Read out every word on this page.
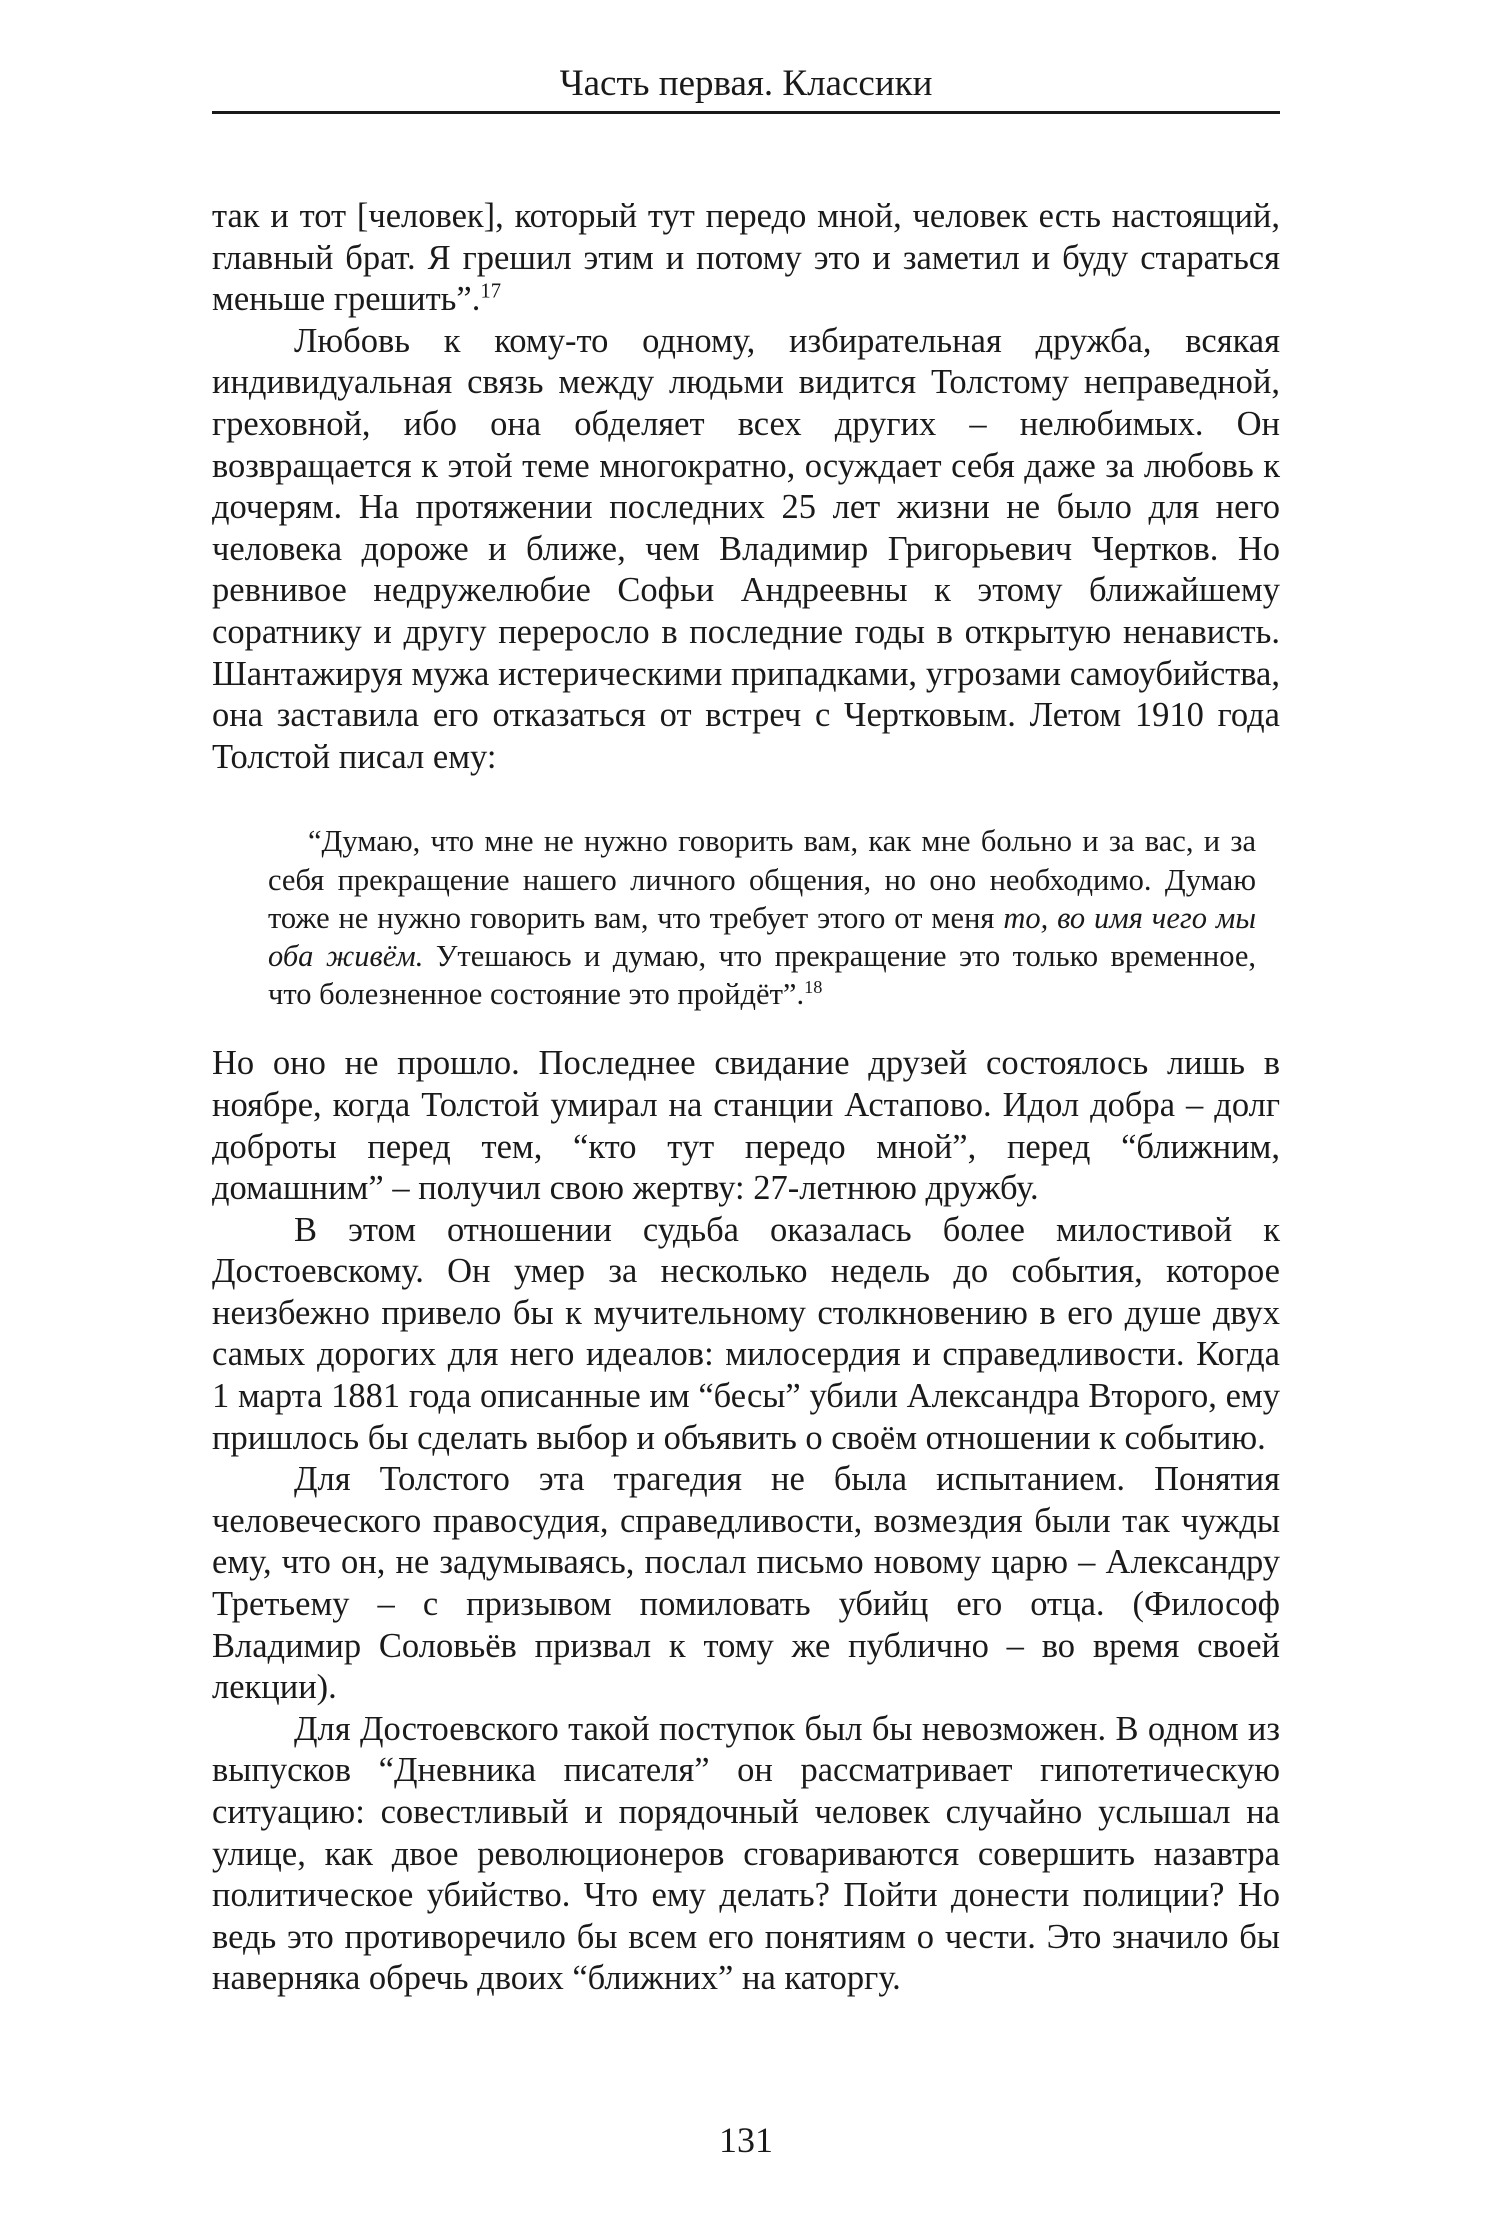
Часть первая. Классики

так и тот [человек], который тут передо мной, человек есть настоящий, главный брат. Я грешил этим и потому это и заметил и буду стараться меньше грешить”.$^{17}$

Любовь к кому-то одному, избирательная дружба, всякая индивидуальная связь между людьми видится Толстому неправедной, греховной, ибо она обделяет всех других – нелюбимых. Он возвращается к этой теме многократно, осуждает себя даже за любовь к дочерям. На протяжении последних 25 лет жизни не было для него человека дороже и ближе, чем Владимир Григорьевич Чертков. Но ревнивое недружелюбие Софьи Андреевны к этому ближайшему соратнику и другу переросло в последние годы в открытую ненависть. Шантажируя мужа истерическими припадками, угрозами самоубийства, она заставила его отказаться от встреч с Чертковым. Летом 1910 года Толстой писал ему:

“Думаю, что мне не нужно говорить вам, как мне больно и за вас, и за себя прекращение нашего личного общения, но оно необходимо. Думаю тоже не нужно говорить вам, что требует этого от меня то, во имя чего мы оба живём. Утешаюсь и думаю, что прекращение это только временное, что болезненное состояние это пройдёт”.$^{18}$

Но оно не прошло. Последнее свидание друзей состоялось лишь в ноябре, когда Толстой умирал на станции Астапово. Идол добра – долг доброты перед тем, “кто тут передо мной”, перед “ближним, домашним” – получил свою жертву: 27-летнюю дружбу.

В этом отношении судьба оказалась более милостивой к Достоевскому. Он умер за несколько недель до события, которое неизбежно привело бы к мучительному столкновению в его душе двух самых дорогих для него идеалов: милосердия и справедливости. Когда 1 марта 1881 года описанные им “бесы” убили Александра Второго, ему пришлось бы сделать выбор и объявить о своём отношении к событию.

Для Толстого эта трагедия не была испытанием. Понятия человеческого правосудия, справедливости, возмездия были так чужды ему, что он, не задумываясь, послал письмо новому царю – Александру Третьему – с призывом помиловать убийц его отца. (Философ Владимир Соловьёв призвал к тому же публично – во время своей лекции).

Для Достоевского такой поступок был бы невозможен. В одном из выпусков “Дневника писателя” он рассматривает гипотетическую ситуацию: совестливый и порядочный человек случайно услышал на улице, как двое революционеров сговариваются совершить назавтра политическое убийство. Что ему делать? Пойти донести полиции? Но ведь это противоречило бы всем его понятиям о чести. Это значило бы наверняка обречь двоих “ближних” на каторгу.

131
